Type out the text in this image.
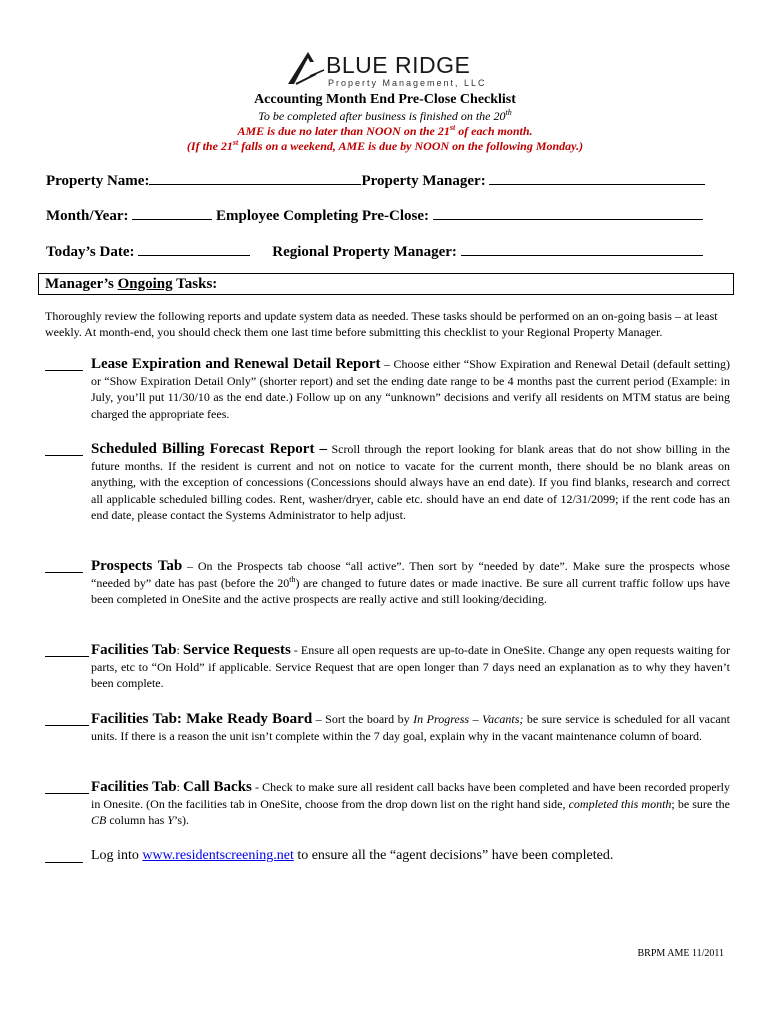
BLUE RIDGE
Property Management, LLC
Accounting Month End Pre-Close Checklist
To be completed after business is finished on the 20th
AME is due no later than NOON on the 21st of each month.
(If the 21st falls on a weekend, AME is due by NOON on the following Monday.)
Property Name:	Property Manager:
Month/Year:	Employee Completing Pre-Close:
Today’s Date:	Regional Property Manager:
Manager’s Ongoing Tasks:
Thoroughly review the following reports and update system data as needed. These tasks should be performed on an on-going basis – at least weekly. At month-end, you should check them one last time before submitting this checklist to your Regional Property Manager.
Lease Expiration and Renewal Detail Report – Choose either “Show Expiration and Renewal Detail (default setting) or “Show Expiration Detail Only” (shorter report) and set the ending date range to be 4 months past the current period (Example: in July, you’ll put 11/30/10 as the end date.) Follow up on any “unknown” decisions and verify all residents on MTM status are being charged the appropriate fees.
Scheduled Billing Forecast Report – Scroll through the report looking for blank areas that do not show billing in the future months. If the resident is current and not on notice to vacate for the current month, there should be no blank areas on anything, with the exception of concessions (Concessions should always have an end date). If you find blanks, research and correct all applicable scheduled billing codes. Rent, washer/dryer, cable etc. should have an end date of 12/31/2099; if the rent code has an end date, please contact the Systems Administrator to help adjust.
Prospects Tab – On the Prospects tab choose “all active”. Then sort by “needed by date”. Make sure the prospects whose “needed by” date has past (before the 20th) are changed to future dates or made inactive. Be sure all current traffic follow ups have been completed in OneSite and the active prospects are really active and still looking/deciding.
Facilities Tab: Service Requests - Ensure all open requests are up-to-date in OneSite. Change any open requests waiting for parts, etc to “On Hold” if applicable. Service Request that are open longer than 7 days need an explanation as to why they haven’t been complete.
Facilities Tab: Make Ready Board – Sort the board by In Progress – Vacants; be sure service is scheduled for all vacant units. If there is a reason the unit isn’t complete within the 7 day goal, explain why in the vacant maintenance column of board.
Facilities Tab: Call Backs - Check to make sure all resident call backs have been completed and have been recorded properly in Onesite. (On the facilities tab in OneSite, choose from the drop down list on the right hand side, completed this month; be sure the CB column has Y’s).
Log into www.residentscreening.net to ensure all the “agent decisions” have been completed.
BRPM AME 11/2011
